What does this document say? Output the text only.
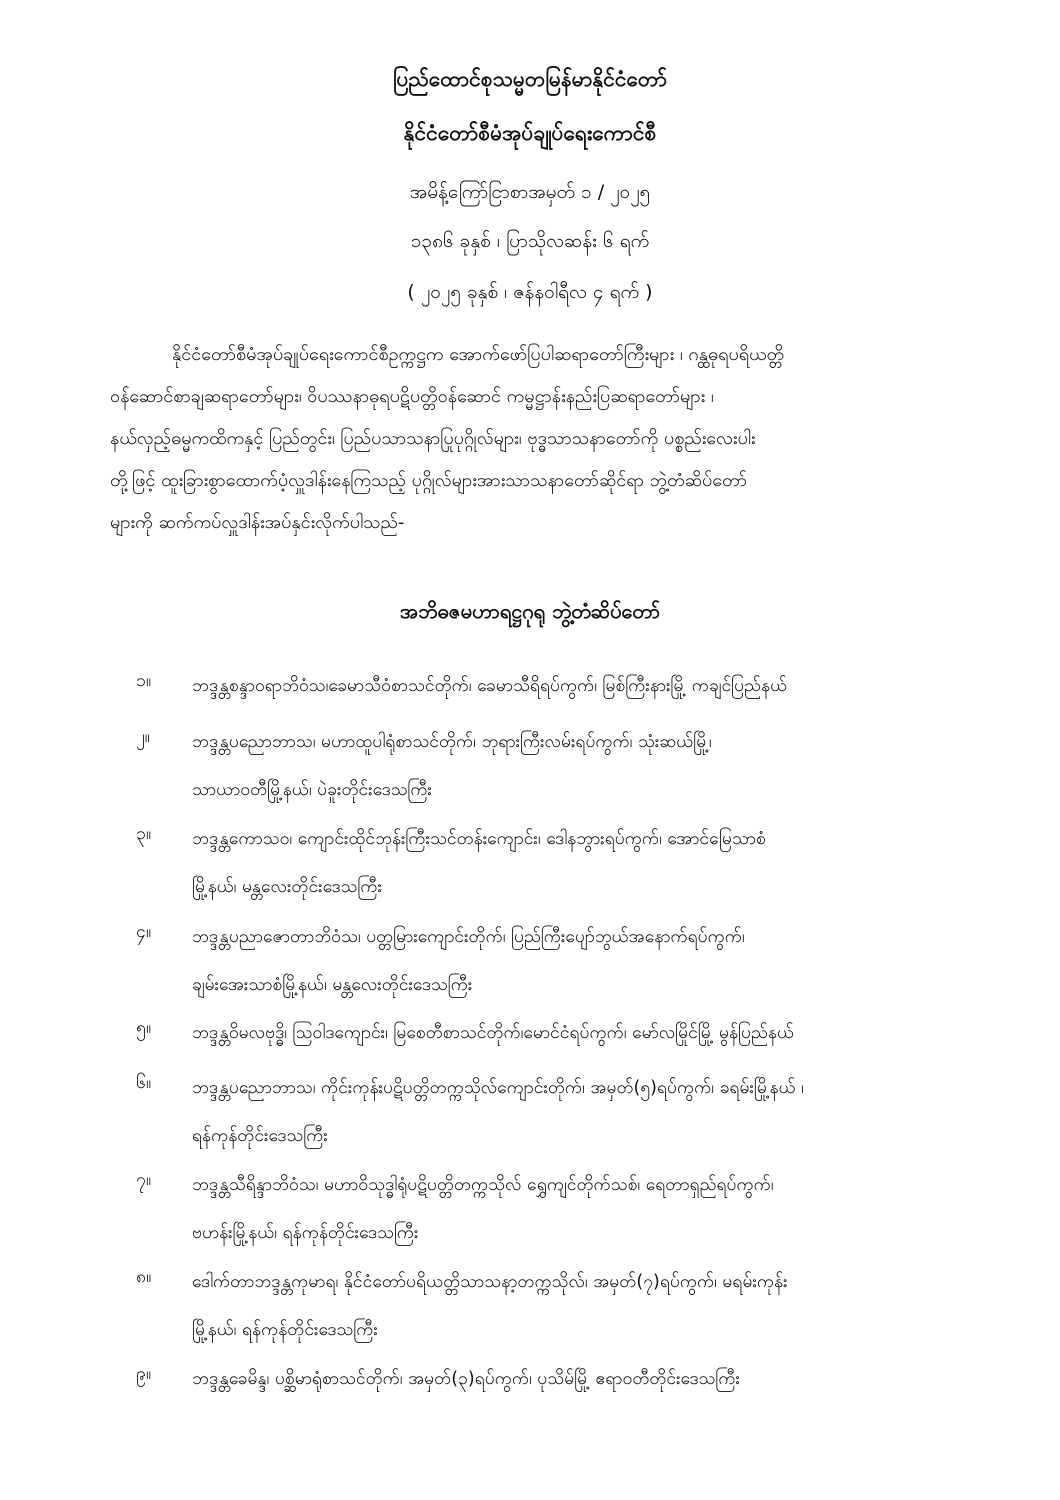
ပြည်ထောင်စုသမ္မတမြန်မာနိုင်ငံတော်
နိုင်ငံတော်စီမံအုပ်ချုပ်ရေးကောင်စီ
အမိန့်ကြော်ငြာစာအမှတ် ၁ / ၂၀၂၅
၁၃၈၆ ခုနှစ် ၊ ပြာသိုလဆန်း ၆ ရက်
( ၂၀၂၅ ခုနှစ် ၊ ဇန်နဝါရီလ ၄ ရက် )
နိုင်ငံတော်စီမံအုပ်ချုပ်ရေးကောင်စီဥက္ကဋ္ဌက အောက်ဖော်ပြပါဆရာတော်ကြီးများ ၊ ဂန္ထဓုရပရိယတ္တိ
ဝန်ဆောင်စာချဆရာတော်များ၊ ဝိပဿနာဓုရပဋိပတ္တိဝန်ဆောင် ကမ္မဋ္ဌာန်းနည်းပြဆရာတော်များ ၊
နယ်လှည့်ဓမ္မကထိကနှင့် ပြည်တွင်း၊ ပြည်ပသာသနာပြုပုဂ္ဂိုလ်များ၊ ဗုဒ္ဓသာသနာတော်ကို ပစ္စည်းလေးပါး
တို့ဖြင့် ထူးခြားစွာထောက်ပံ့လှူဒါန်းနေကြသည့် ပုဂ္ဂိုလ်များအားသာသနာတော်ဆိုင်ရာ ဘွဲ့တံဆိပ်တော်
များကို ဆက်ကပ်လှူဒါန်းအပ်နှင်းလိုက်ပါသည်-
အဘိဓဇမဟာရဋ္ဌဂုရု ဘွဲ့တံဆိပ်တော်
၁။	ဘဒ္ဒန္တစန္ဒာဝရာဘိဝံသ၊ခေမာသီဝံစာသင်တိုက်၊ ခေမာသီရိရပ်ကွက်၊ မြစ်ကြီးနားမြို့ ကချင်ပြည်နယ်
၂။	ဘဒ္ဒန္တပညောဘာသ၊ မဟာထူပါရုံစာသင်တိုက်၊ ဘုရားကြီးလမ်းရပ်ကွက်၊ သုံးဆယ်မြို့၊
သာယာဝတီမြို့နယ်၊ ပဲခူးတိုင်းဒေသကြီး
၃။	ဘဒ္ဒန္တကောသဝ၊ ကျောင်းထိုင်ဘုန်းကြီးသင်တန်းကျောင်း၊ ဒေါနဘွားရပ်ကွက်၊ အောင်မြေသာစံ
မြို့နယ်၊ မန္တလေးတိုင်းဒေသကြီး
၄။	ဘဒ္ဒန္တပညာဇောတာဘိဝံသ၊ ပတ္တမြားကျောင်းတိုက်၊ ပြည်ကြီးပျော်ဘွယ်အနောက်ရပ်ကွက်၊
ချမ်းအေးသာစံမြို့နယ်၊ မန္တလေးတိုင်းဒေသကြီး
၅။	ဘဒ္ဒန္တဝိမလဗုဒ္ဓိ၊ သြဝါဒကျောင်း၊ မြစေတီစာသင်တိုက်၊မောင်ငံရပ်ကွက်၊ မော်လမြိုင်မြို့ မွန်ပြည်နယ်
၆။	ဘဒ္ဒန္တပညောဘာသ၊ ကိုင်းကုန်းပဋိပတ္တိတက္ကသိုလ်ကျောင်းတိုက်၊ အမှတ်(၅)ရပ်ကွက်၊ ခရမ်းမြို့နယ် ၊
ရန်ကုန်တိုင်းဒေသကြီး
၇။	ဘဒ္ဒန္တသီရိန္ဒာဘိဝံသ၊ မဟာဝိသုဒ္ဓါရုံပဋိပတ္တိတက္ကသိုလ် ရွှေကျင်တိုက်သစ်၊ ရေတာရှည်ရပ်ကွက်၊
ဗဟန်းမြို့နယ်၊ ရန်ကုန်တိုင်းဒေသကြီး
၈။	ဒေါက်တာဘဒ္ဒန္တကုမာရ၊ နိုင်ငံတော်ပရိယတ္တိသာသနာ့တက္ကသိုလ်၊ အမှတ်(၇)ရပ်ကွက်၊ မရမ်းကုန်း
မြို့နယ်၊ ရန်ကုန်တိုင်းဒေသကြီး
၉။	ဘဒ္ဒန္တခေမိန္ဒ၊ ပစ္ဆိမာရုံစာသင်တိုက်၊ အမှတ်(၃)ရပ်ကွက်၊ ပုသိမ်မြို့ ဧရာဝတီတိုင်းဒေသကြီး
